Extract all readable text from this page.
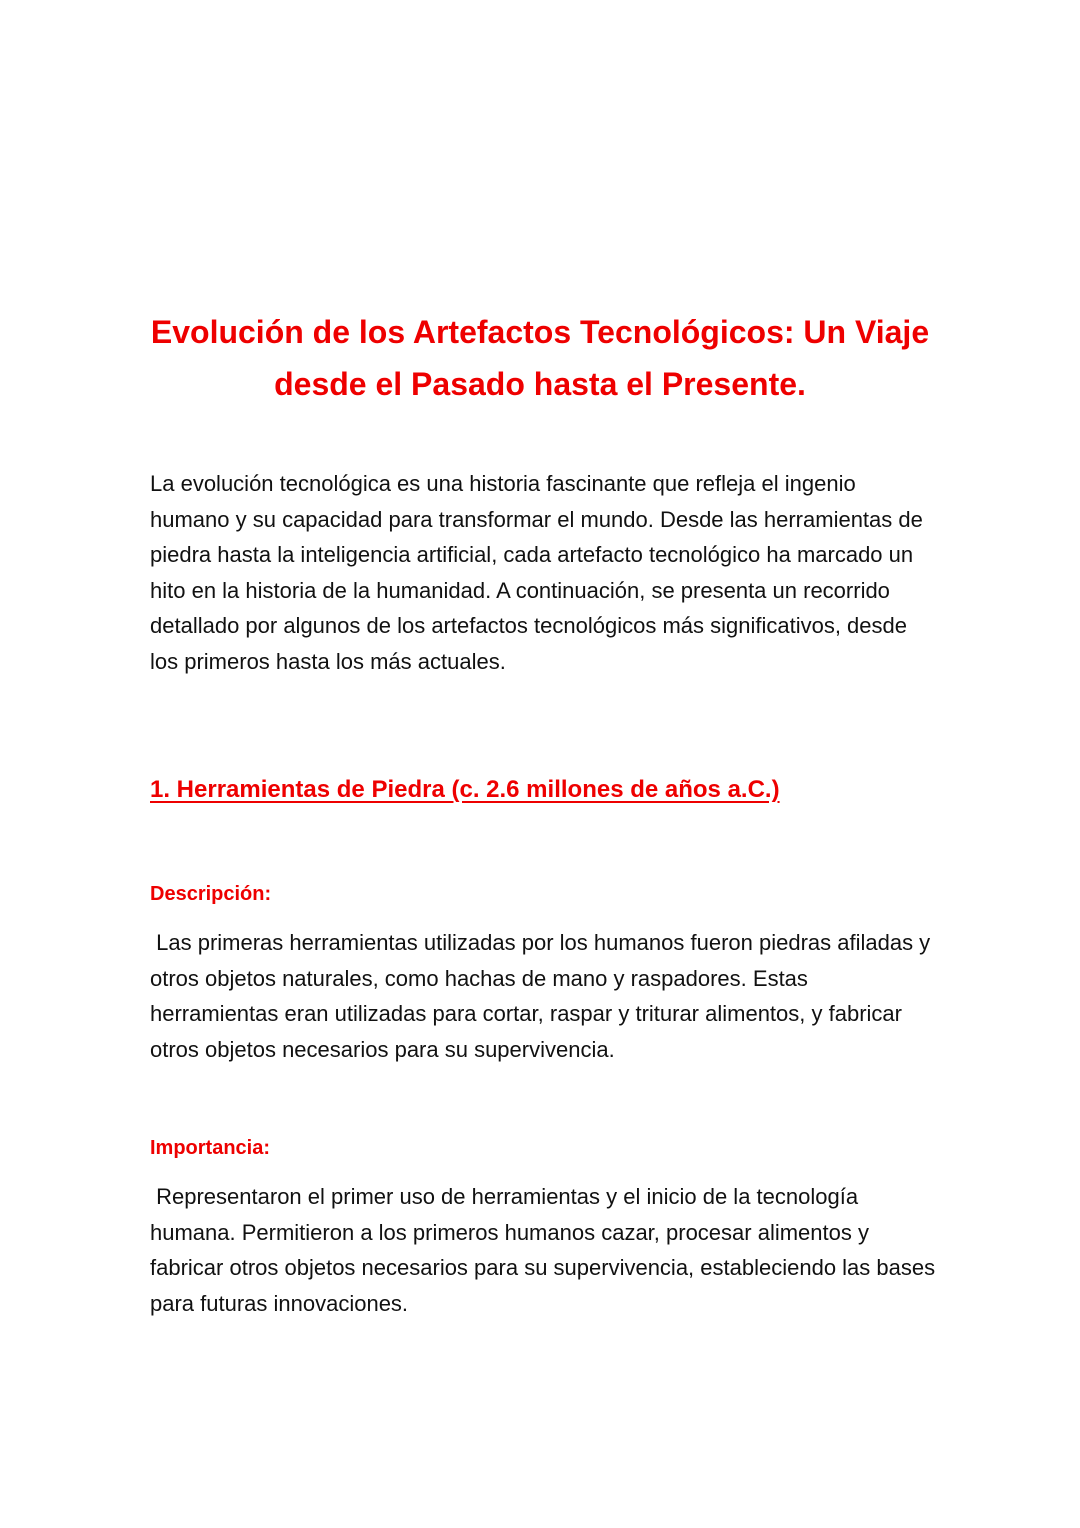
Evolución de los Artefactos Tecnológicos: Un Viaje desde el Pasado hasta el Presente.

La evolución tecnológica es una historia fascinante que refleja el ingenio humano y su capacidad para transformar el mundo. Desde las herramientas de piedra hasta la inteligencia artificial, cada artefacto tecnológico ha marcado un hito en la historia de la humanidad. A continuación, se presenta un recorrido detallado por algunos de los artefactos tecnológicos más significativos, desde los primeros hasta los más actuales.

1. Herramientas de Piedra (c. 2.6 millones de años a.C.)
Descripción:

Las primeras herramientas utilizadas por los humanos fueron piedras afiladas y otros objetos naturales, como hachas de mano y raspadores. Estas herramientas eran utilizadas para cortar, raspar y triturar alimentos, y fabricar otros objetos necesarios para su supervivencia.

Importancia:

Representaron el primer uso de herramientas y el inicio de la tecnología humana. Permitieron a los primeros humanos cazar, procesar alimentos y fabricar otros objetos necesarios para su supervivencia, estableciendo las bases para futuras innovaciones.
